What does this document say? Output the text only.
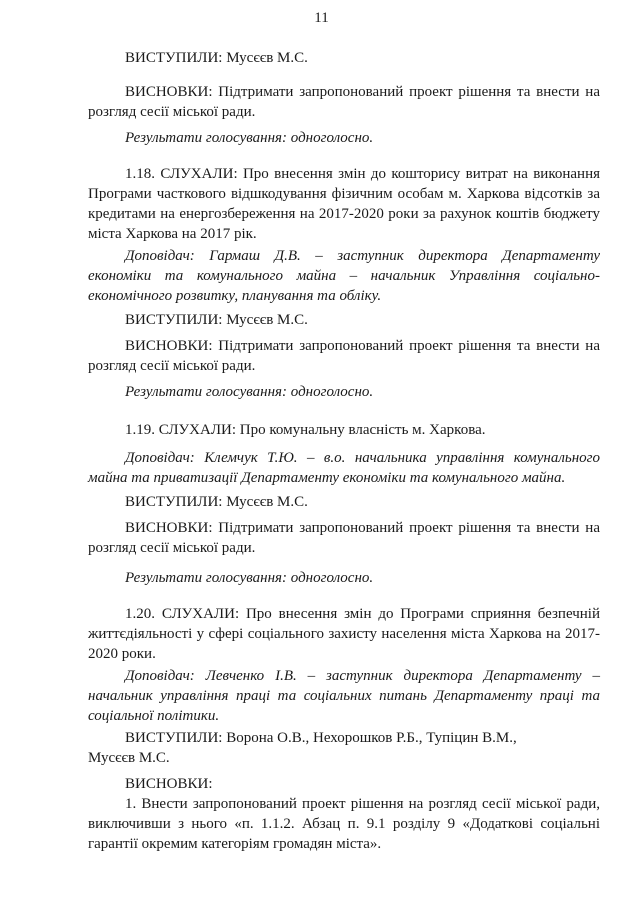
11

ВИСТУПИЛИ: Мусєєв М.С.

ВИСНОВКИ: Підтримати запропонований проект рішення та внести на розгляд сесії міської ради.

Результати голосування: одноголосно.

1.18. СЛУХАЛИ: Про внесення змін до кошторису витрат на виконання Програми часткового відшкодування фізичним особам м. Харкова відсотків за кредитами на енергозбереження на 2017-2020 роки за рахунок коштів бюджету міста Харкова на 2017 рік.

Доповідач: Гармаш Д.В. – заступник директора Департаменту економіки та комунального майна – начальник Управління соціально-економічного розвитку, планування та обліку.

ВИСТУПИЛИ: Мусєєв М.С.

ВИСНОВКИ: Підтримати запропонований проект рішення та внести на розгляд сесії міської ради.

Результати голосування: одноголосно.

1.19. СЛУХАЛИ: Про комунальну власність м. Харкова.

Доповідач: Клемчук Т.Ю. – в.о. начальника управління комунального майна та приватизації Департаменту економіки та комунального майна.

ВИСТУПИЛИ: Мусєєв М.С.

ВИСНОВКИ: Підтримати запропонований проект рішення та внести на розгляд сесії міської ради.

Результати голосування: одноголосно.

1.20. СЛУХАЛИ: Про внесення змін до Програми сприяння безпечній життєдіяльності у сфері соціального захисту населення міста Харкова на 2017-2020 роки.

Доповідач: Левченко І.В. – заступник директора Департаменту – начальник управління праці та соціальних питань Департаменту праці та соціальної політики.

ВИСТУПИЛИ: Ворона О.В., Нехорошков Р.Б., Тупіцин В.М.,
Мусєєв М.С.

ВИСНОВКИ:

1. Внести запропонований проект рішення на розгляд сесії міської ради, виключивши з нього «п. 1.1.2. Абзац п. 9.1 розділу 9 «Додаткові соціальні гарантії окремим категоріям громадян міста».
